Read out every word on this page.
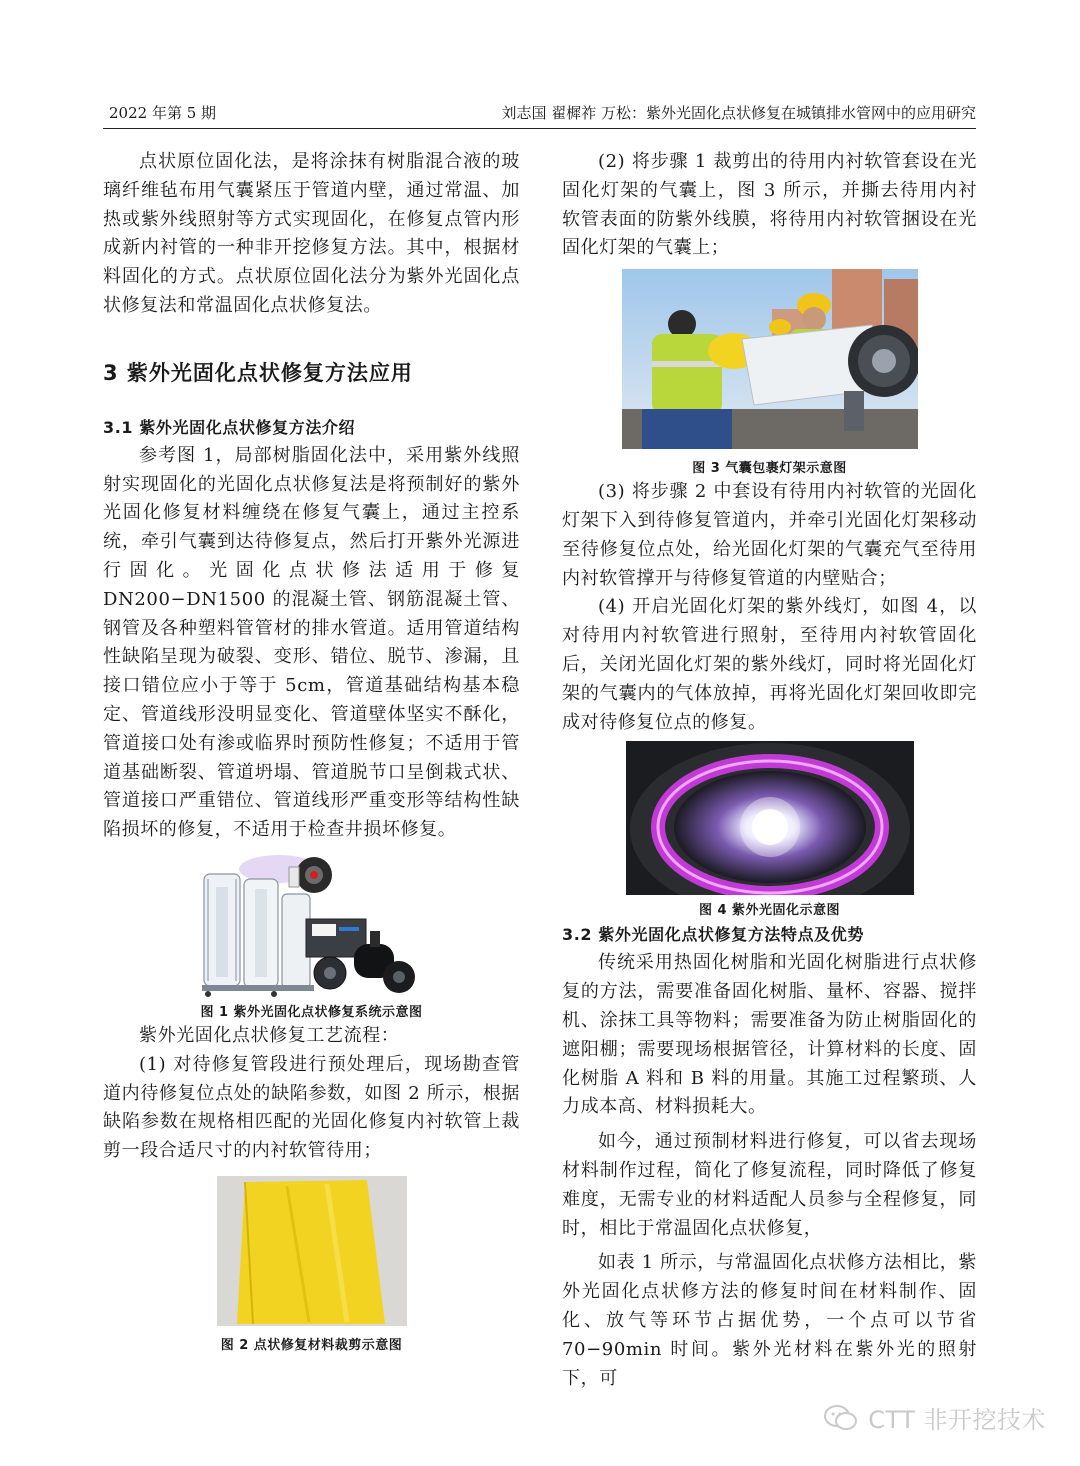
2022 年第 5 期	刘志国 翟樨祚 万松：紫外光固化点状修复在城镇排水管网中的应用研究

点状原位固化法，是将涂抹有树脂混合液的玻璃纤维毡布用气囊紧压于管道内壁，通过常温、加热或紫外线照射等方式实现固化，在修复点管内形成新内衬管的一种非开挖修复方法。其中，根据材料固化的方式。点状原位固化法分为紫外光固化点状修复法和常温固化点状修复法。

3 紫外光固化点状修复方法应用
3.1 紫外光固化点状修复方法介绍

参考图 1，局部树脂固化法中，采用紫外线照射实现固化的光固化点状修复法是将预制好的紫外光固化修复材料缠绕在修复气囊上，通过主控系统，牵引气囊到达待修复点，然后打开紫外光源进行固化。光固化点状修法适用于修复DN200−DN1500 的混凝土管、钢筋混凝土管、钢管及各种塑料管管材的排水管道。适用管道结构性缺陷呈现为破裂、变形、错位、脱节、渗漏，且接口错位应小于等于 5cm，管道基础结构基本稳定、管道线形没明显变化、管道壁体坚实不酥化，管道接口处有渗或临界时预防性修复；不适用于管道基础断裂、管道坍塌、管道脱节口呈倒栽式状、管道接口严重错位、管道线形严重变形等结构性缺陷损坏的修复，不适用于检查井损坏修复。

图 1 紫外光固化点状修复系统示意图

紫外光固化点状修复工艺流程：

(1) 对待修复管段进行预处理后，现场勘查管道内待修复位点处的缺陷参数，如图 2 所示，根据缺陷参数在规格相匹配的光固化修复内衬软管上裁剪一段合适尺寸的内衬软管待用；

图 2 点状修复材料裁剪示意图

(2) 将步骤 1 裁剪出的待用内衬软管套设在光固化灯架的气囊上，图 3 所示，并撕去待用内衬软管表面的防紫外线膜，将待用内衬软管捆设在光固化灯架的气囊上；

图 3 气囊包裹灯架示意图

(3) 将步骤 2 中套设有待用内衬软管的光固化灯架下入到待修复管道内，并牵引光固化灯架移动至待修复位点处，给光固化灯架的气囊充气至待用内衬软管撑开与待修复管道的内壁贴合；

(4) 开启光固化灯架的紫外线灯，如图 4，以对待用内衬软管进行照射，至待用内衬软管固化后，关闭光固化灯架的紫外线灯，同时将光固化灯架的气囊内的气体放掉，再将光固化灯架回收即完成对待修复位点的修复。

图 4 紫外光固化示意图

3.2 紫外光固化点状修复方法特点及优势

传统采用热固化树脂和光固化树脂进行点状修复的方法，需要准备固化树脂、量杯、容器、搅拌机、涂抹工具等物料；需要准备为防止树脂固化的遮阳棚；需要现场根据管径，计算材料的长度、固化树脂 A 料和 B 料的用量。其施工过程繁琐、人力成本高、材料损耗大。

如今，通过预制材料进行修复，可以省去现场材料制作过程，简化了修复流程，同时降低了修复难度，无需专业的材料适配人员参与全程修复，同时，相比于常温固化点状修复，

如表 1 所示，与常温固化点状修方法相比，紫外光固化点状修方法的修复时间在材料制作、固化、放气等环节占据优势，一个点可以节省 70−90min 时间。紫外光材料在紫外光的照射下，可

CTT 非开挖技术
